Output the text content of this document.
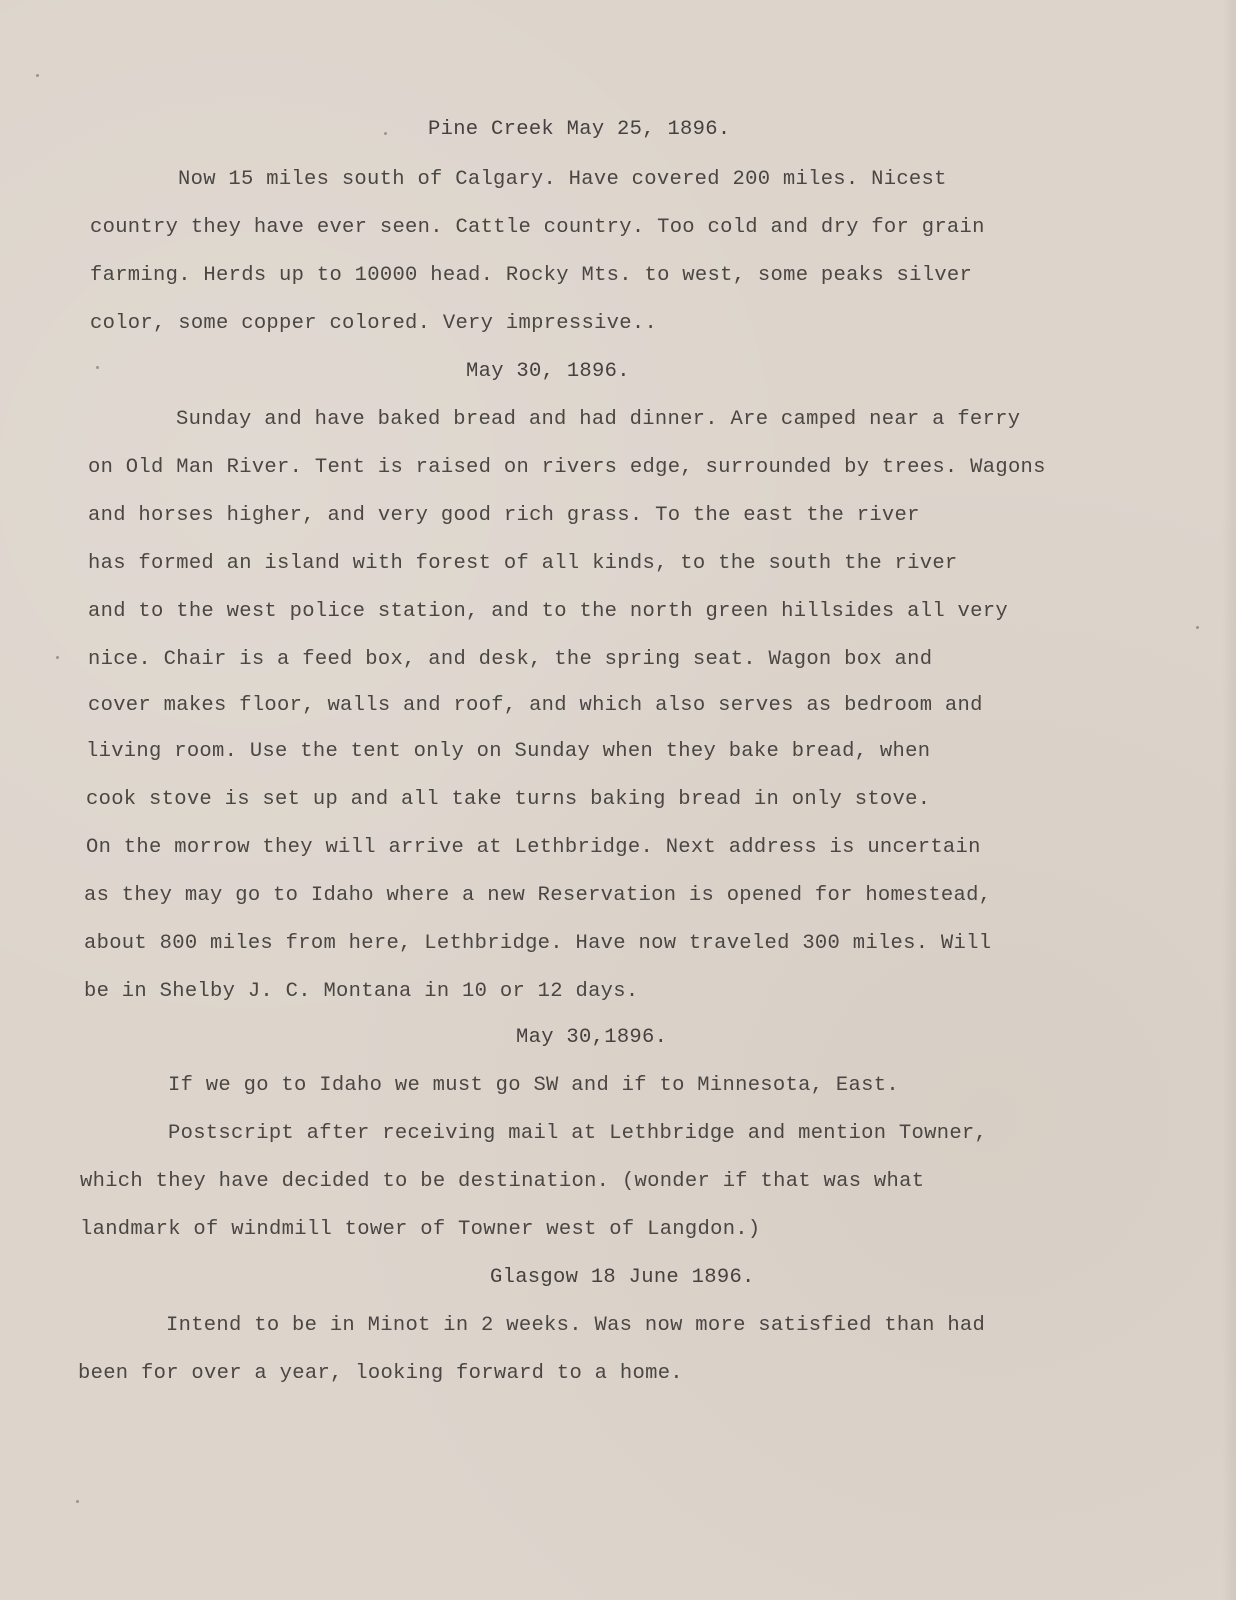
Pine Creek May 25, 1896.
Now 15 miles south of Calgary. Have covered 200 miles. Nicest
country they have ever seen. Cattle country. Too cold and dry for grain
farming. Herds up to 10000 head. Rocky Mts. to west, some peaks silver
color, some copper colored. Very impressive..
May 30, 1896.
Sunday and have baked bread and had dinner. Are camped near a ferry
on Old Man River. Tent is raised on rivers edge, surrounded by trees. Wagons
and horses higher, and very good rich grass. To the east the river
has formed an island with forest of all kinds, to the south the river
and to the west police station, and to the north green hillsides all very
nice. Chair is a feed box, and desk, the spring seat. Wagon box and
cover makes floor, walls and roof, and which also serves as bedroom and
living room. Use the tent only on Sunday when they bake bread, when
cook stove is set up and all take turns baking bread in only stove.
On the morrow they will arrive at Lethbridge. Next address is uncertain
as they may go to Idaho where a new Reservation is opened for homestead,
about 800 miles from here, Lethbridge. Have now traveled 300 miles. Will
be in Shelby J. C. Montana in 10 or 12 days.
May 30,1896.
If we go to Idaho we must go SW and if to Minnesota, East.
Postscript after receiving mail at Lethbridge and mention Towner,
which they have decided to be destination. (wonder if that was what
landmark of windmill tower of Towner west of Langdon.)
Glasgow 18 June 1896.
Intend to be in Minot in 2 weeks. Was now more satisfied than had
been for over a year, looking forward to a home.
